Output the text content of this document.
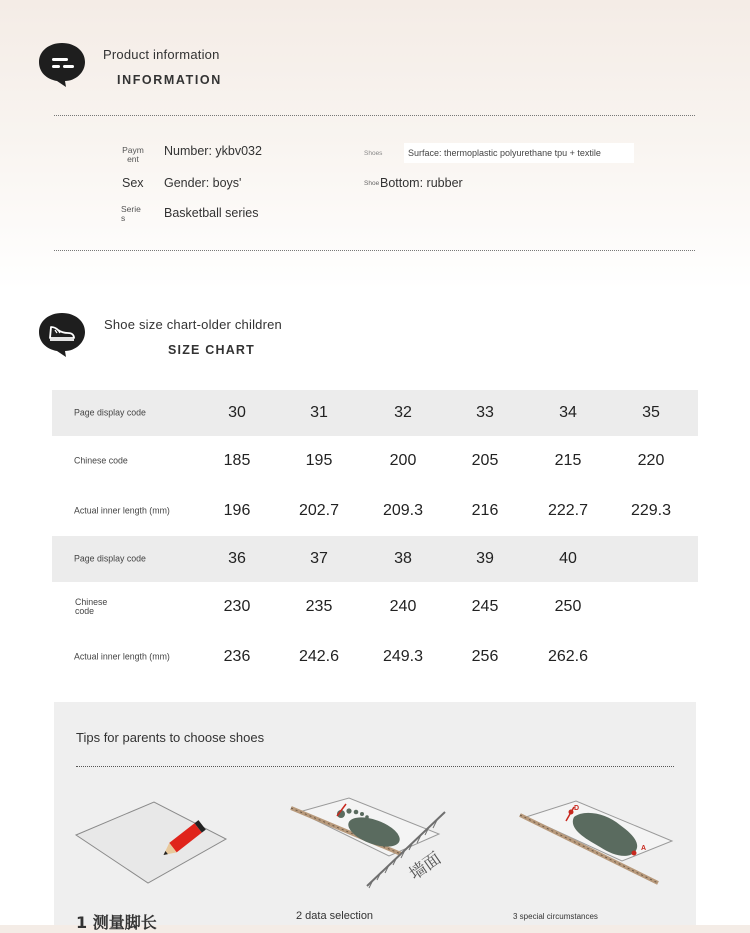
Product information
INFORMATION
Paym ent
Number: ykbv032
Sex Gender: boys'
Serie s	Basketball series
Shoes	Surface: thermoplastic polyurethane tpu + textile
Shoe Bottom: rubber
Shoe size chart-older children
SIZE CHART
Page display code	30	31	32	33	34	35
Chinese code	185	195	200	205	215	220
Actual inner length (mm)	196	202.7	209.3	216	222.7	229.3
Page display code	36	37	38	39	40
Chinese code	230	235	240	245	250
Actual inner length (mm)	236	242.6	249.3	256	262.6
Tips for parents to choose shoes
墙面
D
A
1 测量脚长	2 data selection	3 special circumstances
